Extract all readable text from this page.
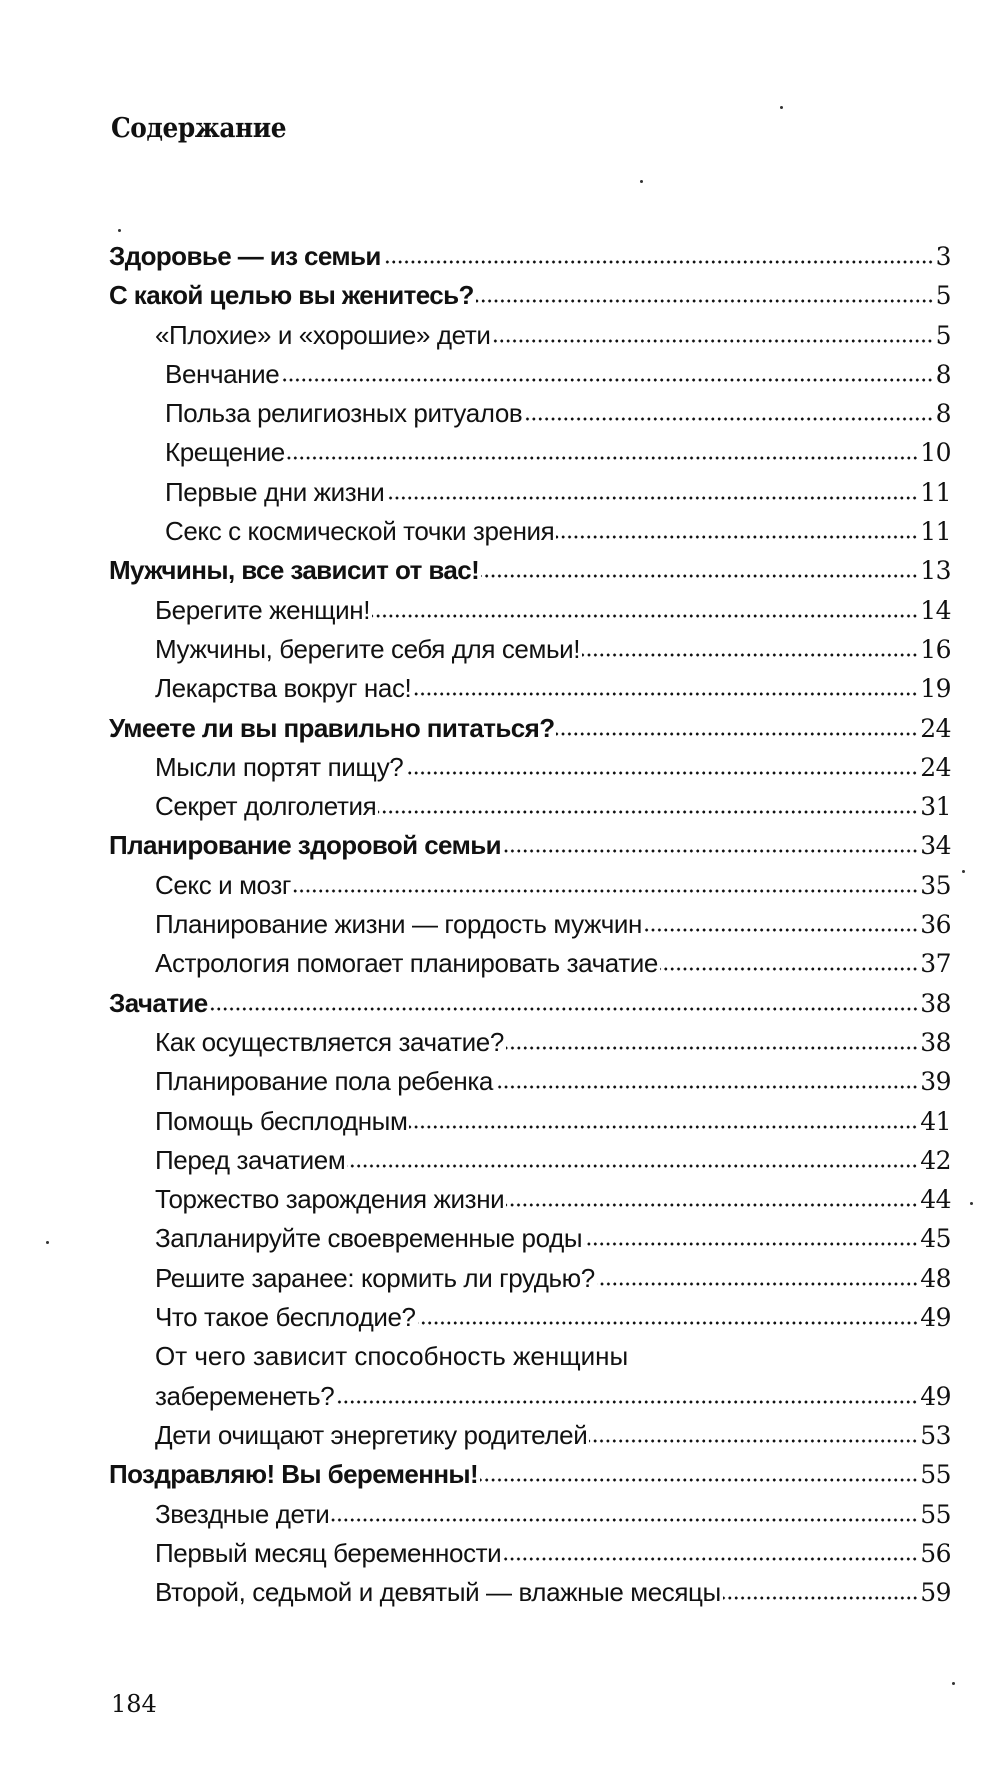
Содержание
Здоровье — из семьи	3
С какой целью вы женитесь?	5
«Плохие» и «хорошие» дети	5
Венчание	8
Польза религиозных ритуалов	8
Крещение	10
Первые дни жизни	11
Секс с космической точки зрения	11
Мужчины, все зависит от вас!	13
Берегите женщин!	14
Мужчины, берегите себя для семьи!	16
Лекарства вокруг нас!	19
Умеете ли вы правильно питаться?	24
Мысли портят пищу?	24
Секрет долголетия	31
Планирование здоровой семьи	34
Секс и мозг	35
Планирование жизни — гордость мужчин	36
Астрология помогает планировать зачатие	37
Зачатие	38
Как осуществляется зачатие?	38
Планирование пола ребенка	39
Помощь бесплодным	41
Перед зачатием	42
Торжество зарождения жизни	44
Запланируйте своевременные роды	45
Решите заранее: кормить ли грудью?	48
Что такое бесплодие?	49
От чего зависит способность женщины
забеременеть?	49
Дети очищают энергетику родителей	53
Поздравляю! Вы беременны!	55
Звездные дети	55
Первый месяц беременности	56
Второй, седьмой и девятый — влажные месяцы	59
184
